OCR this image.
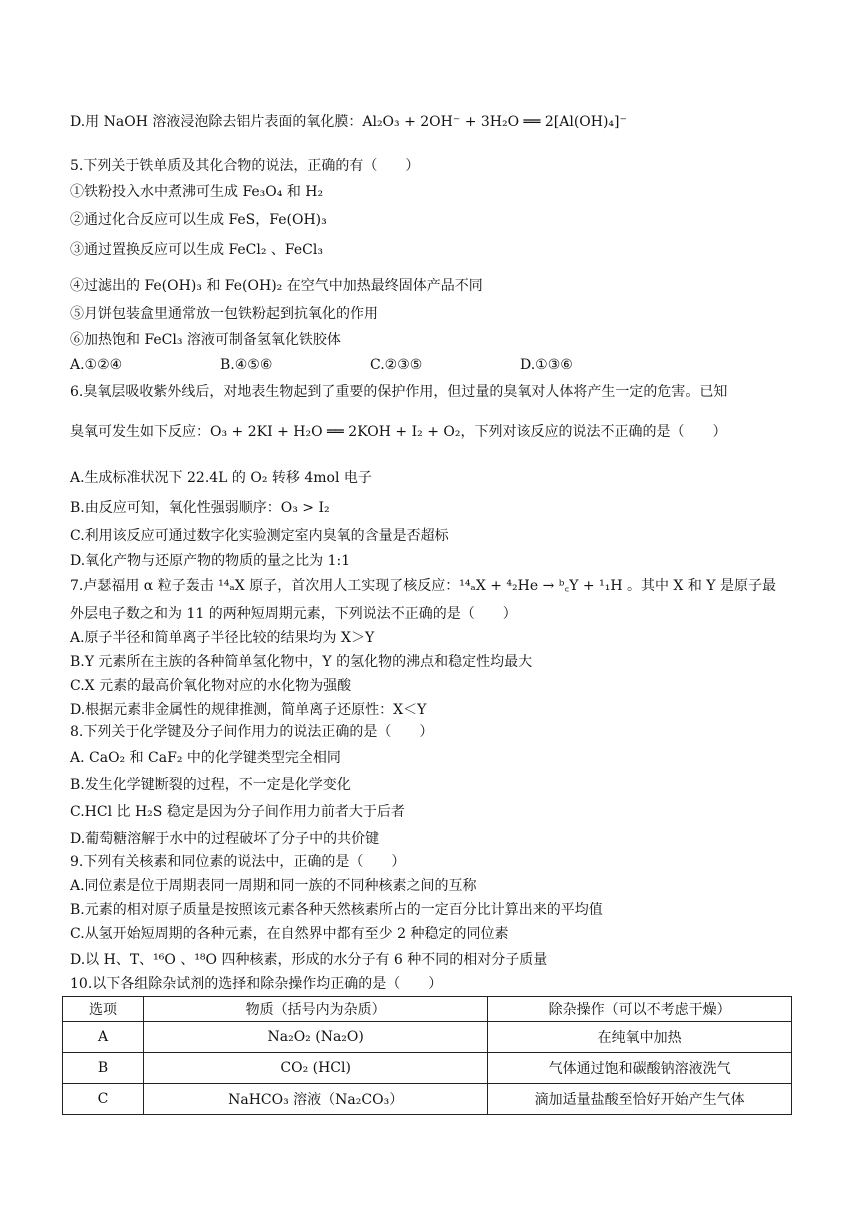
D.用 NaOH 溶液浸泡除去铝片表面的氧化膜：Al₂O₃ + 2OH⁻ + 3H₂O ══ 2[Al(OH)₄]⁻
5.下列关于铁单质及其化合物的说法，正确的有（　　）
①铁粉投入水中煮沸可生成 Fe₃O₄ 和 H₂
②通过化合反应可以生成 FeS，Fe(OH)₃
③通过置换反应可以生成 FeCl₂ 、FeCl₃
④过滤出的 Fe(OH)₃ 和 Fe(OH)₂ 在空气中加热最终固体产品不同
⑤月饼包装盒里通常放一包铁粉起到抗氧化的作用
⑥加热饱和 FeCl₃ 溶液可制备氢氧化铁胶体
A.①②④	B.④⑤⑥	C.②③⑤	D.①③⑥
6.臭氧层吸收紫外线后，对地表生物起到了重要的保护作用，但过量的臭氧对人体将产生一定的危害。已知
臭氧可发生如下反应：O₃ + 2KI + H₂O ══ 2KOH + I₂ + O₂，下列对该反应的说法不正确的是（　　）
A.生成标准状况下 22.4L 的 O₂ 转移 4mol 电子
B.由反应可知，氧化性强弱顺序：O₃ > I₂
C.利用该反应可通过数字化实验测定室内臭氧的含量是否超标
D.氧化产物与还原产物的物质的量之比为 1:1
7.卢瑟福用 α 粒子轰击 ¹⁴ₐX 原子，首次用人工实现了核反应：¹⁴ₐX + ⁴₂He → ᵇ꜀Y + ¹₁H 。其中 X 和 Y 是原子最
外层电子数之和为 11 的两种短周期元素，下列说法不正确的是（　　）
A.原子半径和简单离子半径比较的结果均为 X＞Y
B.Y 元素所在主族的各种简单氢化物中，Y 的氢化物的沸点和稳定性均最大
C.X 元素的最高价氧化物对应的水化物为强酸
D.根据元素非金属性的规律推测，简单离子还原性：X＜Y
8.下列关于化学键及分子间作用力的说法正确的是（　　）
A. CaO₂ 和 CaF₂ 中的化学键类型完全相同
B.发生化学键断裂的过程，不一定是化学变化
C.HCl 比 H₂S 稳定是因为分子间作用力前者大于后者
D.葡萄糖溶解于水中的过程破坏了分子中的共价键
9.下列有关核素和同位素的说法中，正确的是（　　）
A.同位素是位于周期表同一周期和同一族的不同种核素之间的互称
B.元素的相对原子质量是按照该元素各种天然核素所占的一定百分比计算出来的平均值
C.从氢开始短周期的各种元素，在自然界中都有至少 2 种稳定的同位素
D.以 H、T、¹⁶O 、¹⁸O 四种核素，形成的水分子有 6 种不同的相对分子质量
10.以下各组除杂试剂的选择和除杂操作均正确的是（　　）
选项	物质（括号内为杂质）	除杂操作（可以不考虑干燥）
A	Na₂O₂ (Na₂O)	在纯氧中加热
B	CO₂ (HCl)	气体通过饱和碳酸钠溶液洗气
C	NaHCO₃ 溶液（Na₂CO₃）	滴加适量盐酸至恰好开始产生气体
